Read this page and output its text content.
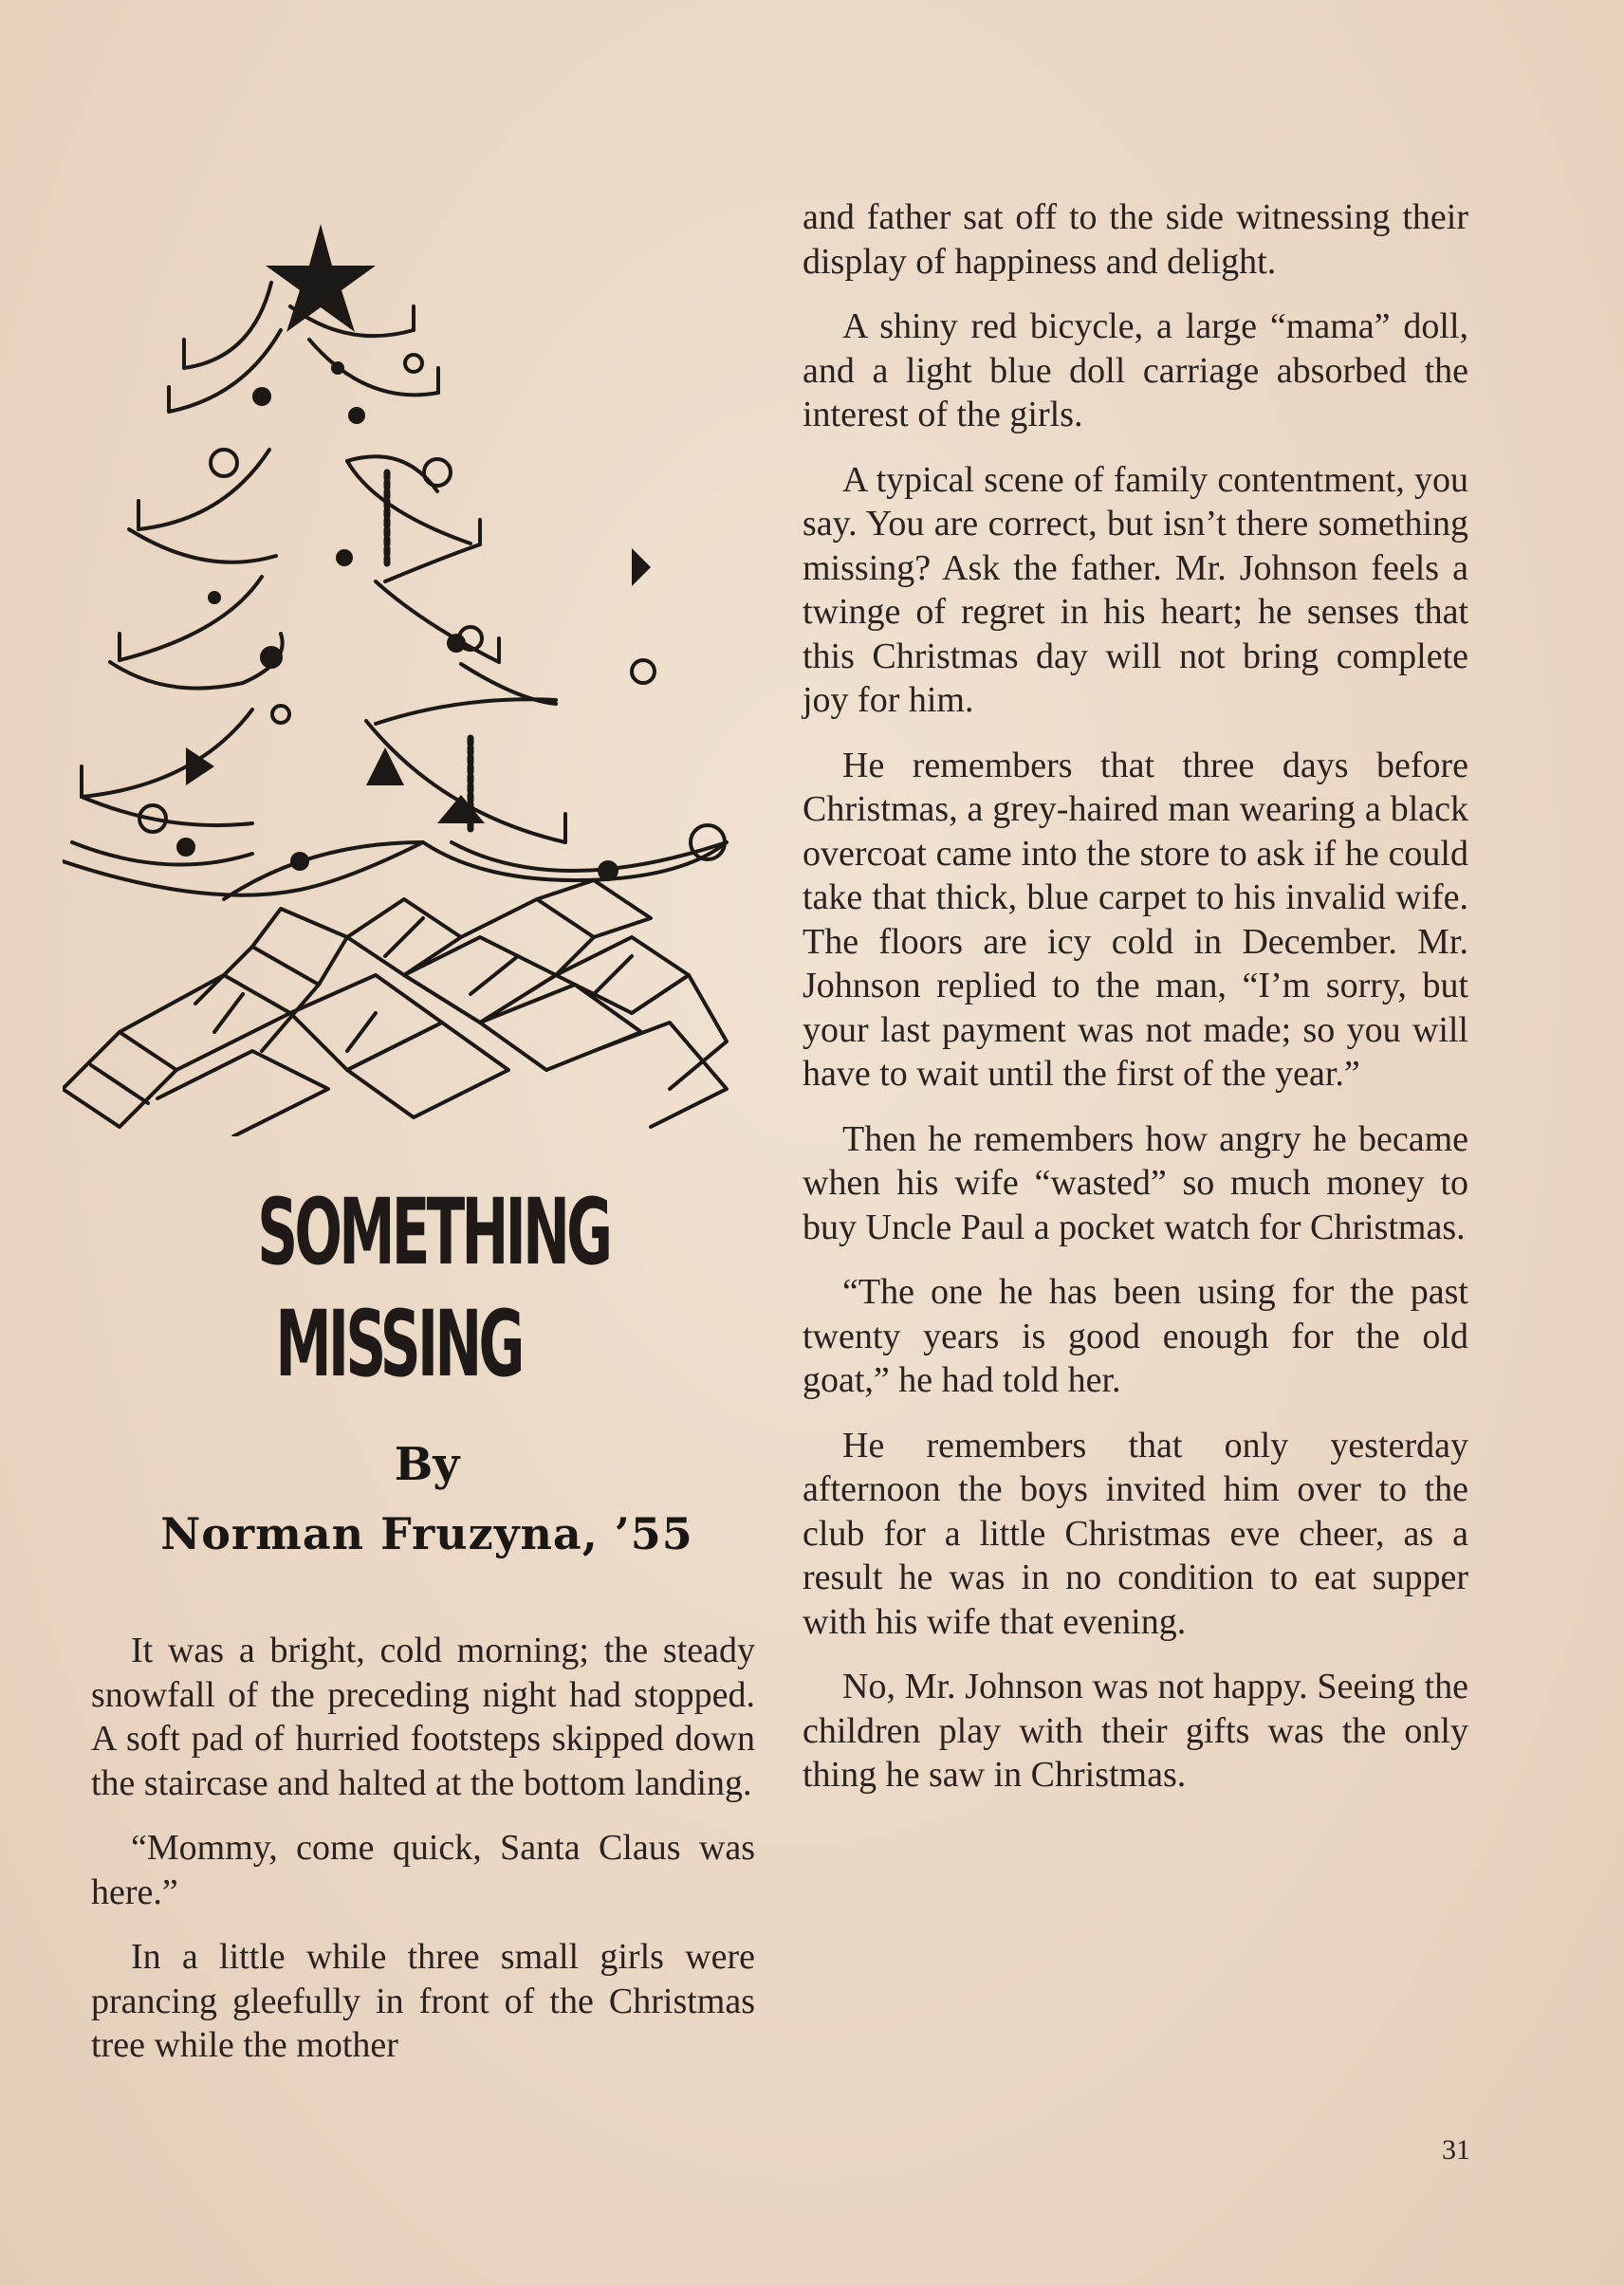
SOMETHING
MISSING
By
Norman Fruzyna, ’55

It was a bright, cold morning; the steady snowfall of the preceding night had stopped. A soft pad of hurried footsteps skipped down the staircase and halted at the bottom landing.

“Mommy, come quick, Santa Claus was here.”

In a little while three small girls were prancing gleefully in front of the Christmas tree while the mother

and father sat off to the side witnessing their display of happiness and delight.

A shiny red bicycle, a large “mama” doll, and a light blue doll carriage absorbed the interest of the girls.

A typical scene of family contentment, you say. You are correct, but isn’t there something missing? Ask the father. Mr. Johnson feels a twinge of regret in his heart; he senses that this Christmas day will not bring complete joy for him.

He remembers that three days before Christmas, a grey-haired man wearing a black overcoat came into the store to ask if he could take that thick, blue carpet to his invalid wife. The floors are icy cold in December. Mr. Johnson replied to the man, “I’m sorry, but your last payment was not made; so you will have to wait until the first of the year.”

Then he remembers how angry he became when his wife “wasted” so much money to buy Uncle Paul a pocket watch for Christmas.

“The one he has been using for the past twenty years is good enough for the old goat,” he had told her.

He remembers that only yesterday afternoon the boys invited him over to the club for a little Christmas eve cheer, as a result he was in no condition to eat supper with his wife that evening.

No, Mr. Johnson was not happy. Seeing the children play with their gifts was the only thing he saw in Christmas.

31
